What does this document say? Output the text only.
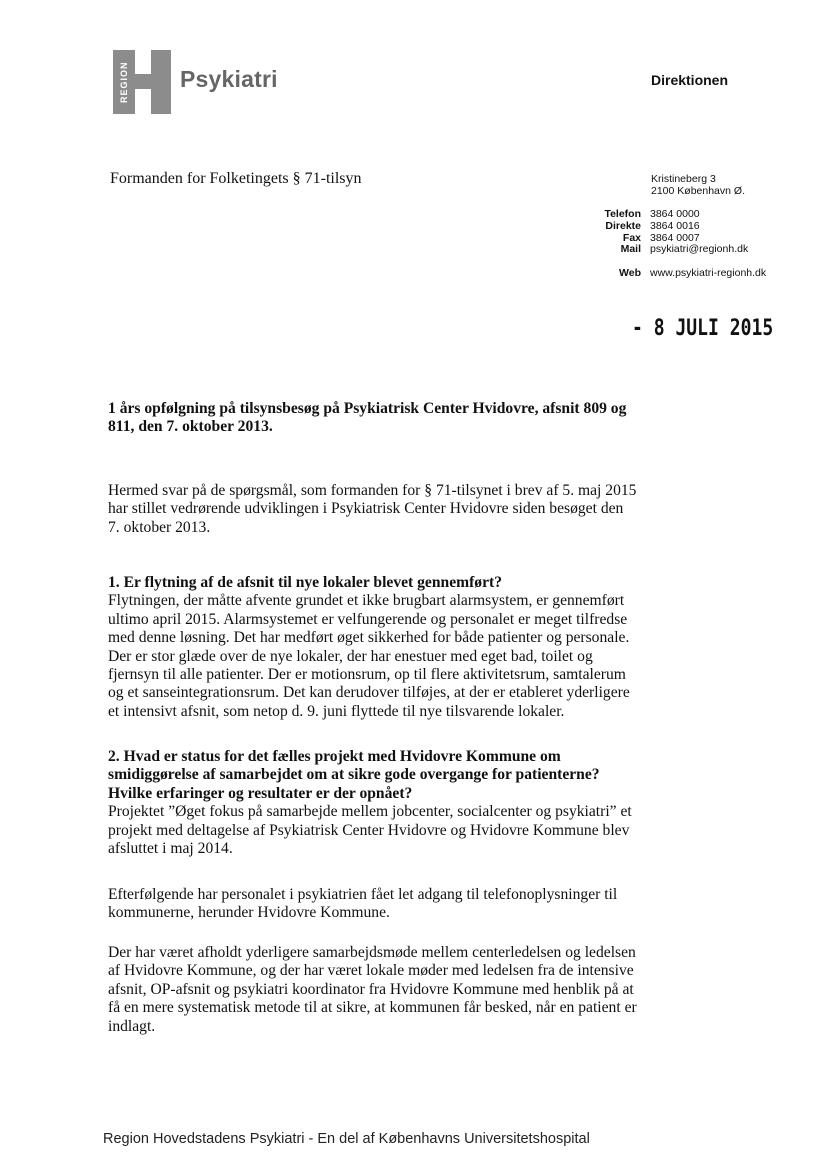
REGION Psykiatri	Direktionen
Formanden for Folketingets § 71-tilsyn	Kristineberg 3
2100 København Ø.
Telefon 3864 0000
Direkte 3864 0016
Fax 3864 0007
Mail psykiatri@regionh.dk
Web www.psykiatri-regionh.dk
- 8 JULI 2015
1 års opfølgning på tilsynsbesøg på Psykiatrisk Center Hvidovre, afsnit 809 og 811, den 7. oktober 2013.
Hermed svar på de spørgsmål, som formanden for § 71-tilsynet i brev af 5. maj 2015 har stillet vedrørende udviklingen i Psykiatrisk Center Hvidovre siden besøget den 7. oktober 2013.
1. Er flytning af de afsnit til nye lokaler blevet gennemført?
Flytningen, der måtte afvente grundet et ikke brugbart alarmsystem, er gennemført ultimo april 2015. Alarmsystemet er velfungerende og personalet er meget tilfredse med denne løsning. Det har medført øget sikkerhed for både patienter og personale. Der er stor glæde over de nye lokaler, der har enestuer med eget bad, toilet og fjernsyn til alle patienter. Der er motionsrum, op til flere aktivitetsrum, samtalerum og et sanseintegrationsrum. Det kan derudover tilføjes, at der er etableret yderligere et intensivt afsnit, som netop d. 9. juni flyttede til nye tilsvarende lokaler.
2. Hvad er status for det fælles projekt med Hvidovre Kommune om smidiggørelse af samarbejdet om at sikre gode overgange for patienterne? Hvilke erfaringer og resultater er der opnået?
Projektet ”Øget fokus på samarbejde mellem jobcenter, socialcenter og psykiatri” et projekt med deltagelse af Psykiatrisk Center Hvidovre og Hvidovre Kommune blev afsluttet i maj 2014.
Efterfølgende har personalet i psykiatrien fået let adgang til telefonoplysninger til kommunerne, herunder Hvidovre Kommune.
Der har været afholdt yderligere samarbejdsmøde mellem centerledelsen og ledelsen af Hvidovre Kommune, og der har været lokale møder med ledelsen fra de intensive afsnit, OP-afsnit og psykiatri koordinator fra Hvidovre Kommune med henblik på at få en mere systematisk metode til at sikre, at kommunen får besked, når en patient er indlagt.
Region Hovedstadens Psykiatri - En del af Københavns Universitetshospital
